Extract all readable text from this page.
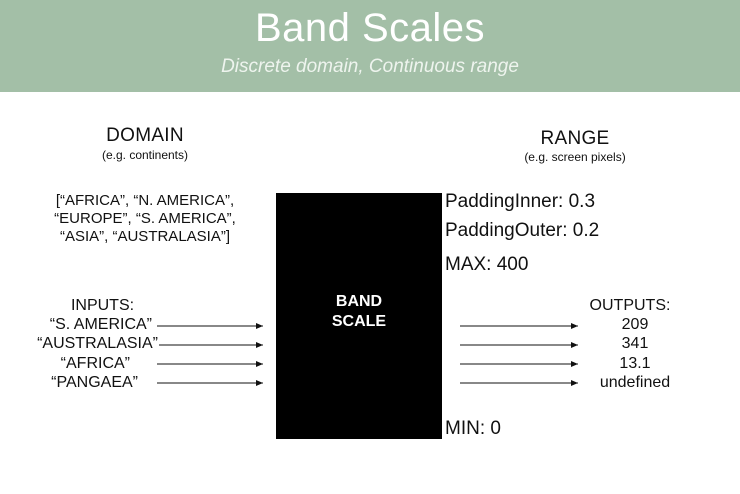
Band Scales
Discrete domain, Continuous range
DOMAIN
(e.g. continents)
RANGE
(e.g. screen pixels)
[“AFRICA”, “N. AMERICA”,
“EUROPE”, “S. AMERICA”,
“ASIA”, “AUSTRALASIA”]
BAND
SCALE
PaddingInner: 0.3
PaddingOuter: 0.2
MAX: 400
MIN: 0
INPUTS:
“S. AMERICA”
“AUSTRALASIA”
“AFRICA”
“PANGAEA”
OUTPUTS:
209
341
13.1
undefined
